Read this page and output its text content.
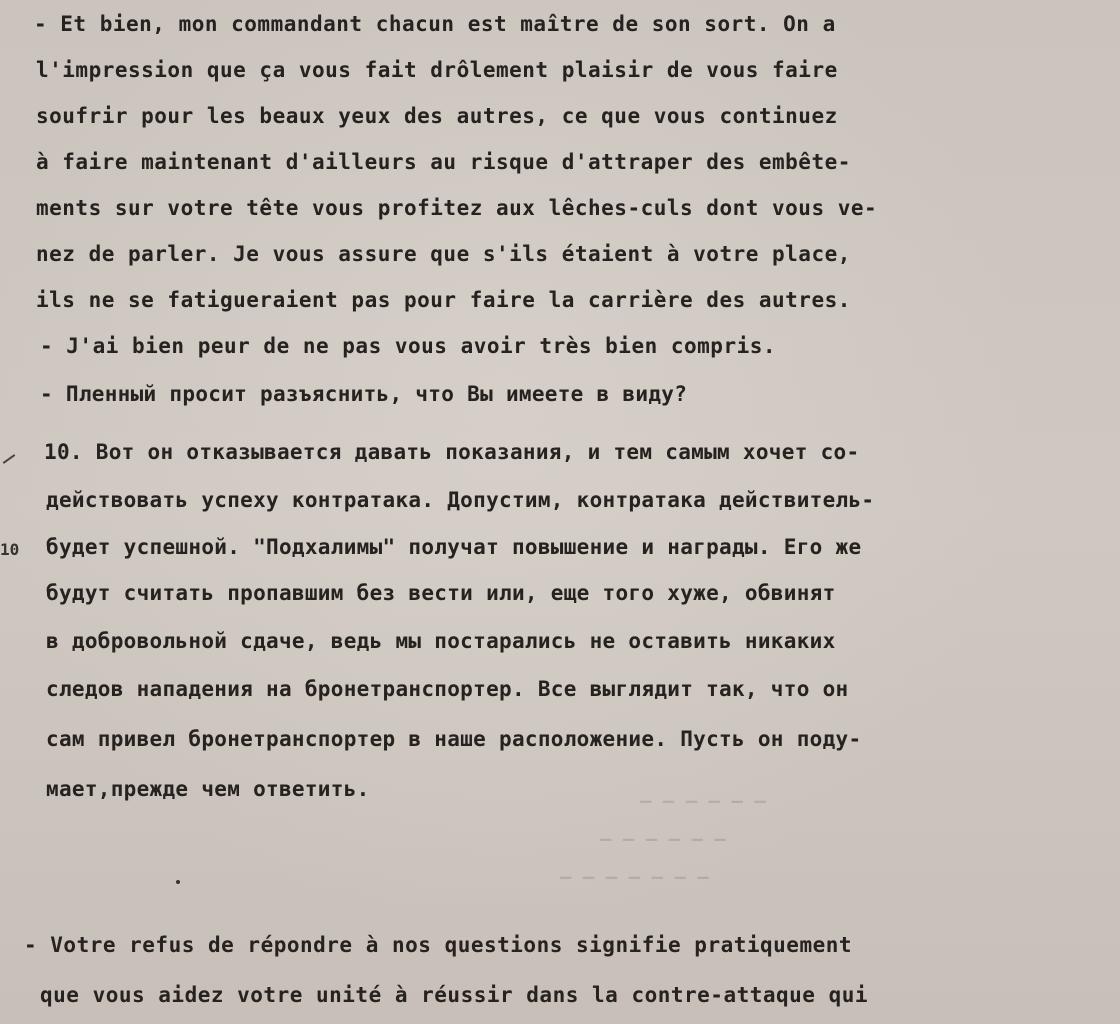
— — — — — —
— — — — — —
— — — — — — —
- Et bien, mon commandant chacun est maître de son sort. On a
l'impression que ça vous fait drôlement plaisir de vous faire
soufrir pour les beaux yeux des autres, ce que vous continuez
à faire maintenant d'ailleurs au risque d'attraper des embête-
ments sur votre tête vous profitez aux lêches-culs dont vous ve-
nez de parler. Je vous assure que s'ils étaient à votre place,
ils ne se fatigueraient pas pour faire la carrière des autres.
- J'ai bien peur de ne pas vous avoir très bien compris.
- Пленный просит разъяснить, что Вы имеете в виду?
10. Вот он отказывается давать показания, и тем самым хочет со-
действовать успеху контратака. Допустим, контратака действитель-
10 будет успешной. "Подхалимы" получат повышение и награды. Его же
будут считать пропавшим без вести или, еще того хуже, обвинят
в добровольной сдаче, ведь мы постарались не оставить никаких
следов нападения на бронетранспортер. Все выглядит так, что он
сам привел бронетранспортер в наше расположение. Пусть он поду-
мает,прежде чем ответить.
- Votre refus de répondre à nos questions signifie pratiquement
que vous aidez votre unité à réussir dans la contre-attaque qui
